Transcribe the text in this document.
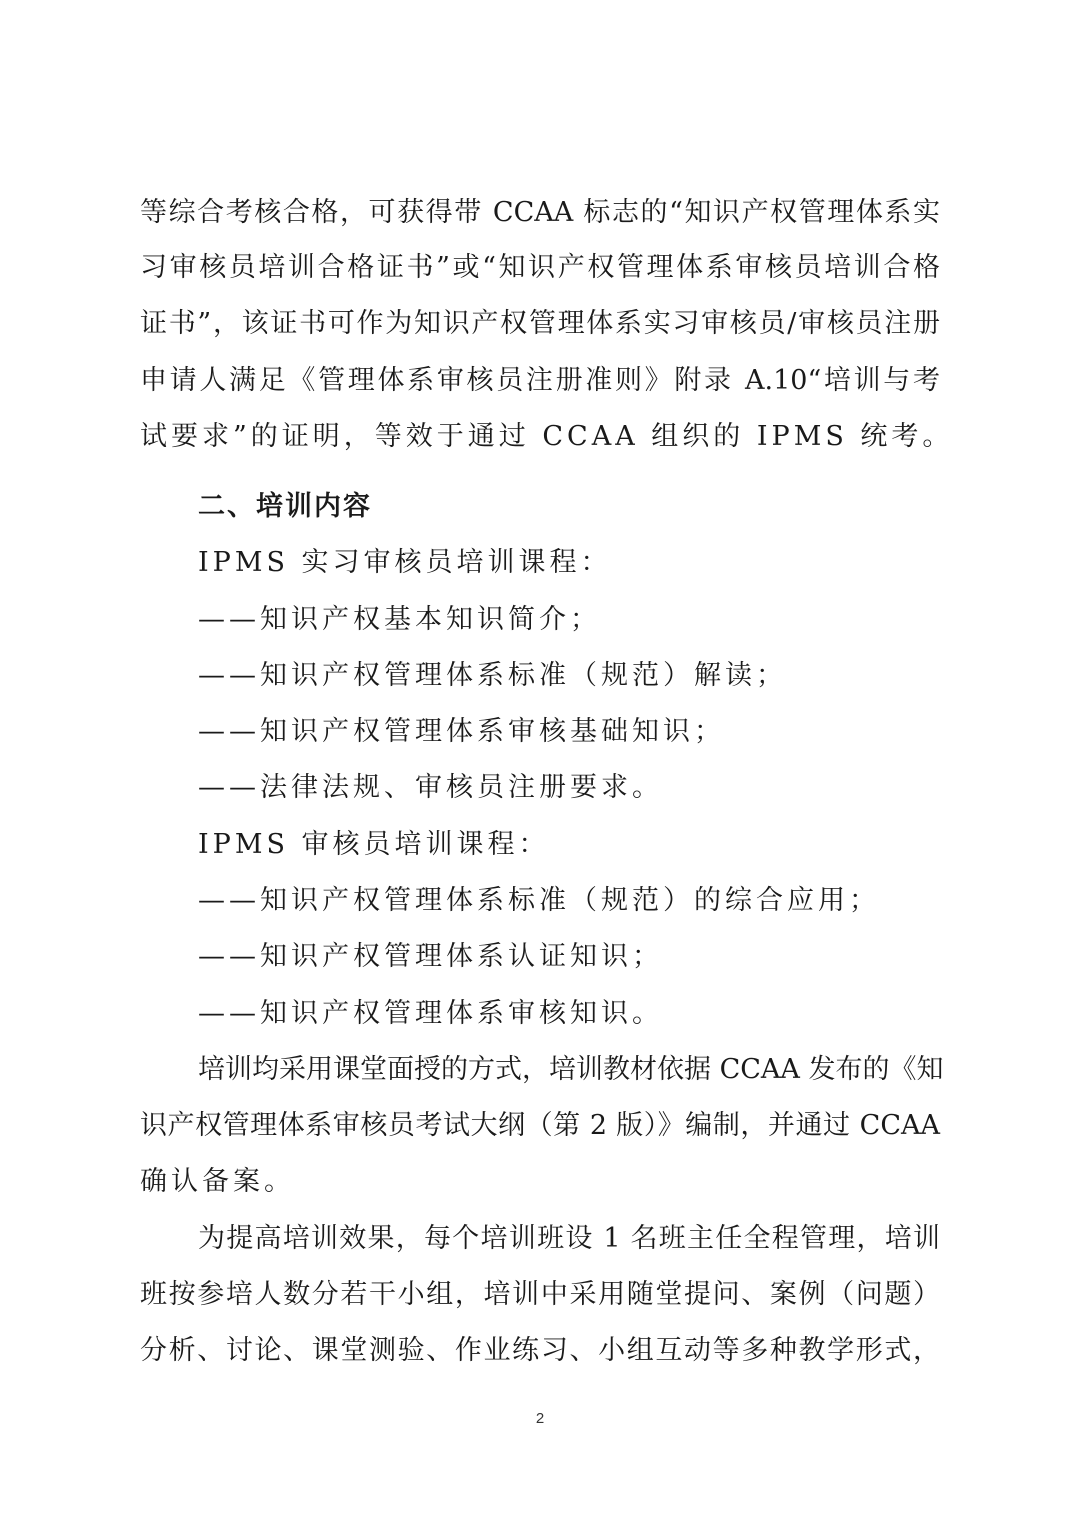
等综合考核合格，可获得带 CCAA 标志的“知识产权管理体系实
习审核员培训合格证书”或“知识产权管理体系审核员培训合格
证书”，该证书可作为知识产权管理体系实习审核员/审核员注册
申请人满足《管理体系审核员注册准则》附录 A.10“培训与考
试要求”的证明，等效于通过 CCAA 组织的 IPMS 统考。
二、培训内容
IPMS 实习审核员培训课程：
——知识产权基本知识简介；
——知识产权管理体系标准（规范）解读；
——知识产权管理体系审核基础知识；
——法律法规、审核员注册要求。
IPMS 审核员培训课程：
——知识产权管理体系标准（规范）的综合应用；
——知识产权管理体系认证知识；
——知识产权管理体系审核知识。
培训均采用课堂面授的方式，培训教材依据 CCAA 发布的《知
识产权管理体系审核员考试大纲（第 2 版）》编制，并通过 CCAA
确认备案。
为提高培训效果，每个培训班设 1 名班主任全程管理，培训
班按参培人数分若干小组，培训中采用随堂提问、案例（问题）
分析、讨论、课堂测验、作业练习、小组互动等多种教学形式，
2
